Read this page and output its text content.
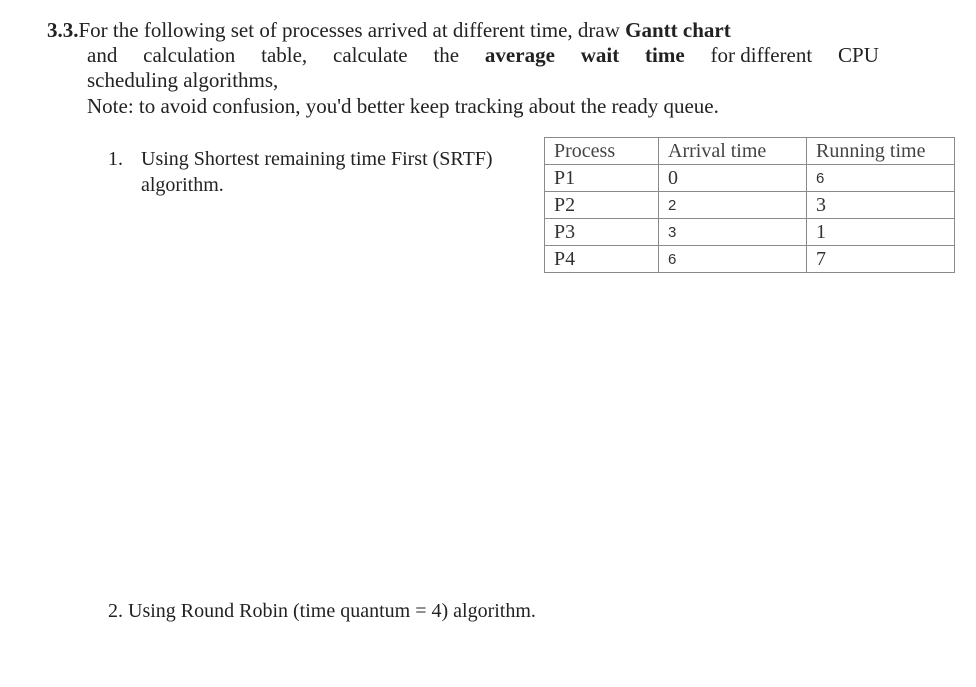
3.3.For the following set of processes arrived at different time, draw Gantt chart
and calculation table, calculate the average wait time for different CPU
scheduling algorithms,
Note: to avoid confusion, you'd better keep tracking about the ready queue.
1. Using Shortest remaining time First (SRTF)
algorithm.
Process	Arrival time	Running time
P1	0	6
P2	2	3
P3	3	1
P4	6	7
2. Using Round Robin (time quantum = 4) algorithm.
